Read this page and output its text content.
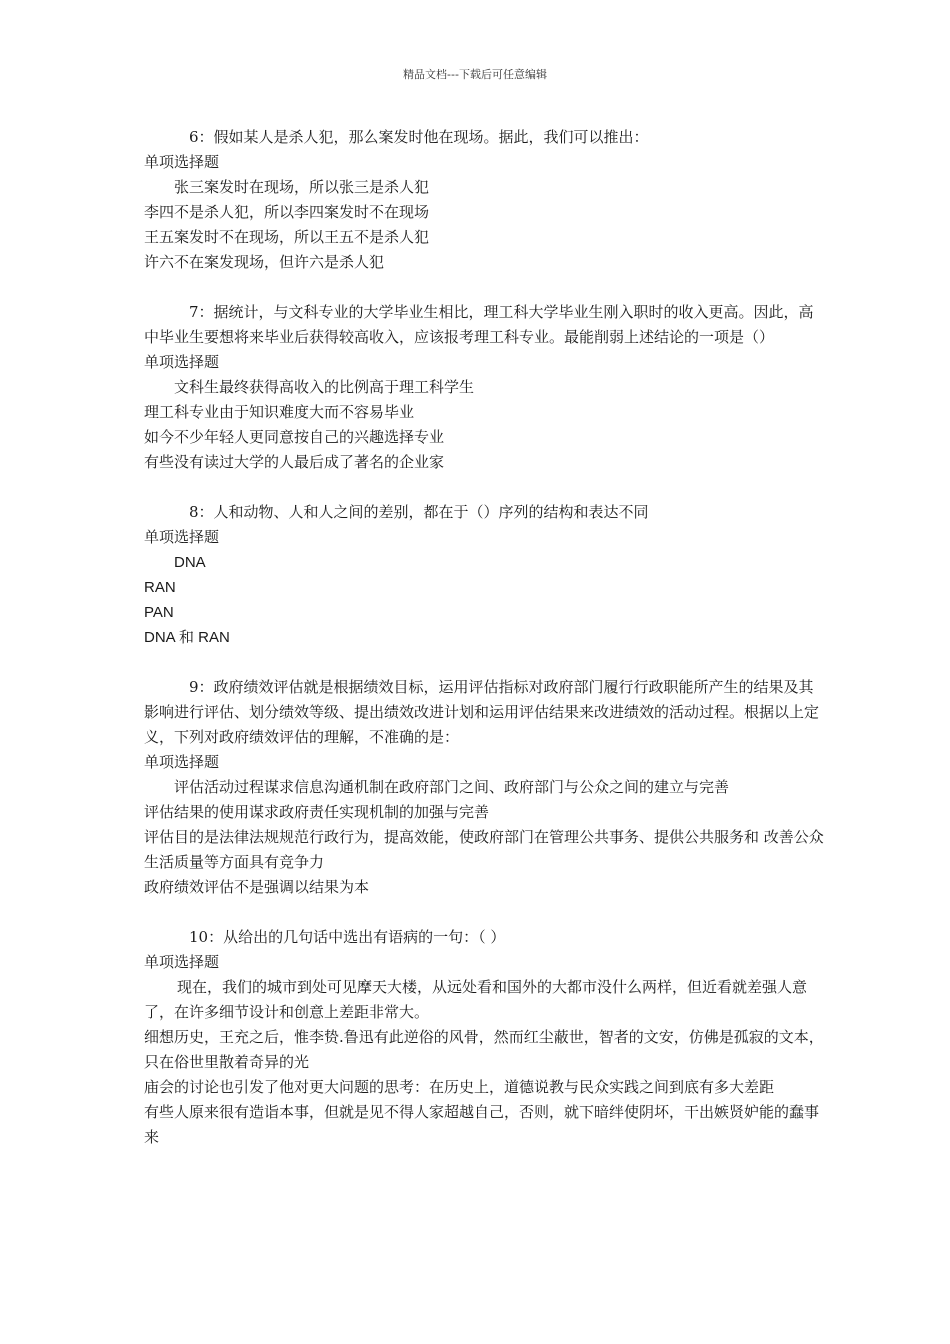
精品文档---下载后可任意编辑
6：假如某人是杀人犯，那么案发时他在现场。据此，我们可以推出：
单项选择题
张三案发时在现场，所以张三是杀人犯
李四不是杀人犯，所以李四案发时不在现场
王五案发时不在现场，所以王五不是杀人犯
许六不在案发现场，但许六是杀人犯
7：据统计，与文科专业的大学毕业生相比，理工科大学毕业生刚入职时的收入更高。因此，高中毕业生要想将来毕业后获得较高收入，应该报考理工科专业。最能削弱上述结论的一项是（）
单项选择题
文科生最终获得高收入的比例高于理工科学生
理工科专业由于知识难度大而不容易毕业
如今不少年轻人更同意按自己的兴趣选择专业
有些没有读过大学的人最后成了著名的企业家
8：人和动物、人和人之间的差别，都在于（）序列的结构和表达不同
单项选择题
DNA
RAN
PAN
DNA 和 RAN
9：政府绩效评估就是根据绩效目标，运用评估指标对政府部门履行行政职能所产生的结果及其影响进行评估、划分绩效等级、提出绩效改进计划和运用评估结果来改进绩效的活动过程。根据以上定义，下列对政府绩效评估的理解，不准确的是：
单项选择题
评估活动过程谋求信息沟通机制在政府部门之间、政府部门与公众之间的建立与完善
评估结果的使用谋求政府责任实现机制的加强与完善
评估目的是法律法规规范行政行为，提高效能，使政府部门在管理公共事务、提供公共服务和 改善公众生活质量等方面具有竞争力
政府绩效评估不是强调以结果为本
10：从给出的几句话中选出有语病的一句：（ ）
单项选择题
现在，我们的城市到处可见摩天大楼，从远处看和国外的大都市没什么两样，但近看就差强人意了，在许多细节设计和创意上差距非常大。
细想历史，王充之后，惟李贽.鲁迅有此逆俗的风骨，然而红尘蔽世，智者的文安，仿佛是孤寂的文本，只在俗世里散着奇异的光
庙会的讨论也引发了他对更大问题的思考：在历史上，道德说教与民众实践之间到底有多大差距
有些人原来很有造诣本事，但就是见不得人家超越自己，否则，就下暗绊使阴坏，干出嫉贤妒能的蠢事来
